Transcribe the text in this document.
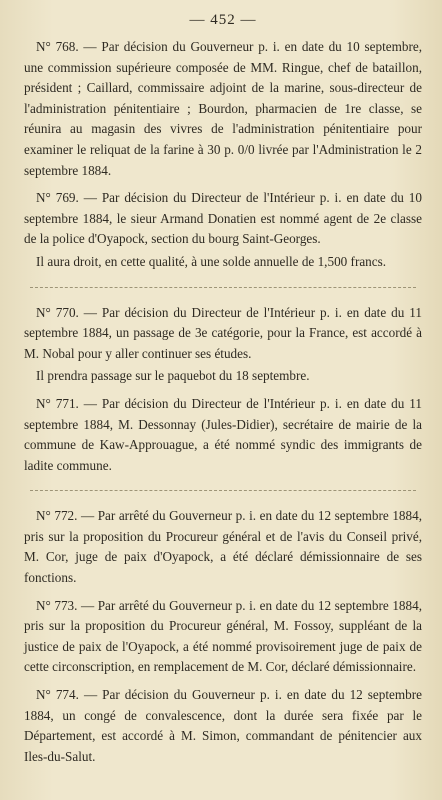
— 452 —

N° 768. — Par décision du Gouverneur p. i. en date du 10 septembre, une commission supérieure composée de MM. Ringue, chef de bataillon, président ; Caillard, commissaire adjoint de la marine, sous-directeur de l'administration pénitentiaire ; Bourdon, pharmacien de 1re classe, se réunira au magasin des vivres de l'administration pénitentiaire pour examiner le reliquat de la farine à 30 p. 0/0 livrée par l'Administration le 2 septembre 1884.

N° 769. — Par décision du Directeur de l'Intérieur p. i. en date du 10 septembre 1884, le sieur Armand Donatien est nommé agent de 2e classe de la police d'Oyapock, section du bourg Saint-Georges.

Il aura droit, en cette qualité, à une solde annuelle de 1,500 francs.

N° 770. — Par décision du Directeur de l'Intérieur p. i. en date du 11 septembre 1884, un passage de 3e catégorie, pour la France, est accordé à M. Nobal pour y aller continuer ses études.

Il prendra passage sur le paquebot du 18 septembre.

N° 771. — Par décision du Directeur de l'Intérieur p. i. en date du 11 septembre 1884, M. Dessonnay (Jules-Didier), secrétaire de mairie de la commune de Kaw-Approuague, a été nommé syndic des immigrants de ladite commune.

N° 772. — Par arrêté du Gouverneur p. i. en date du 12 septembre 1884, pris sur la proposition du Procureur général et de l'avis du Conseil privé, M. Cor, juge de paix d'Oyapock, a été déclaré démissionnaire de ses fonctions.

N° 773. — Par arrêté du Gouverneur p. i. en date du 12 septembre 1884, pris sur la proposition du Procureur général, M. Fossoy, suppléant de la justice de paix de l'Oyapock, a été nommé provisoirement juge de paix de cette circonscription, en remplacement de M. Cor, déclaré démissionnaire.

N° 774. — Par décision du Gouverneur p. i. en date du 12 septembre 1884, un congé de convalescence, dont la durée sera fixée par le Département, est accordé à M. Simon, commandant de pénitencier aux Iles-du-Salut.
